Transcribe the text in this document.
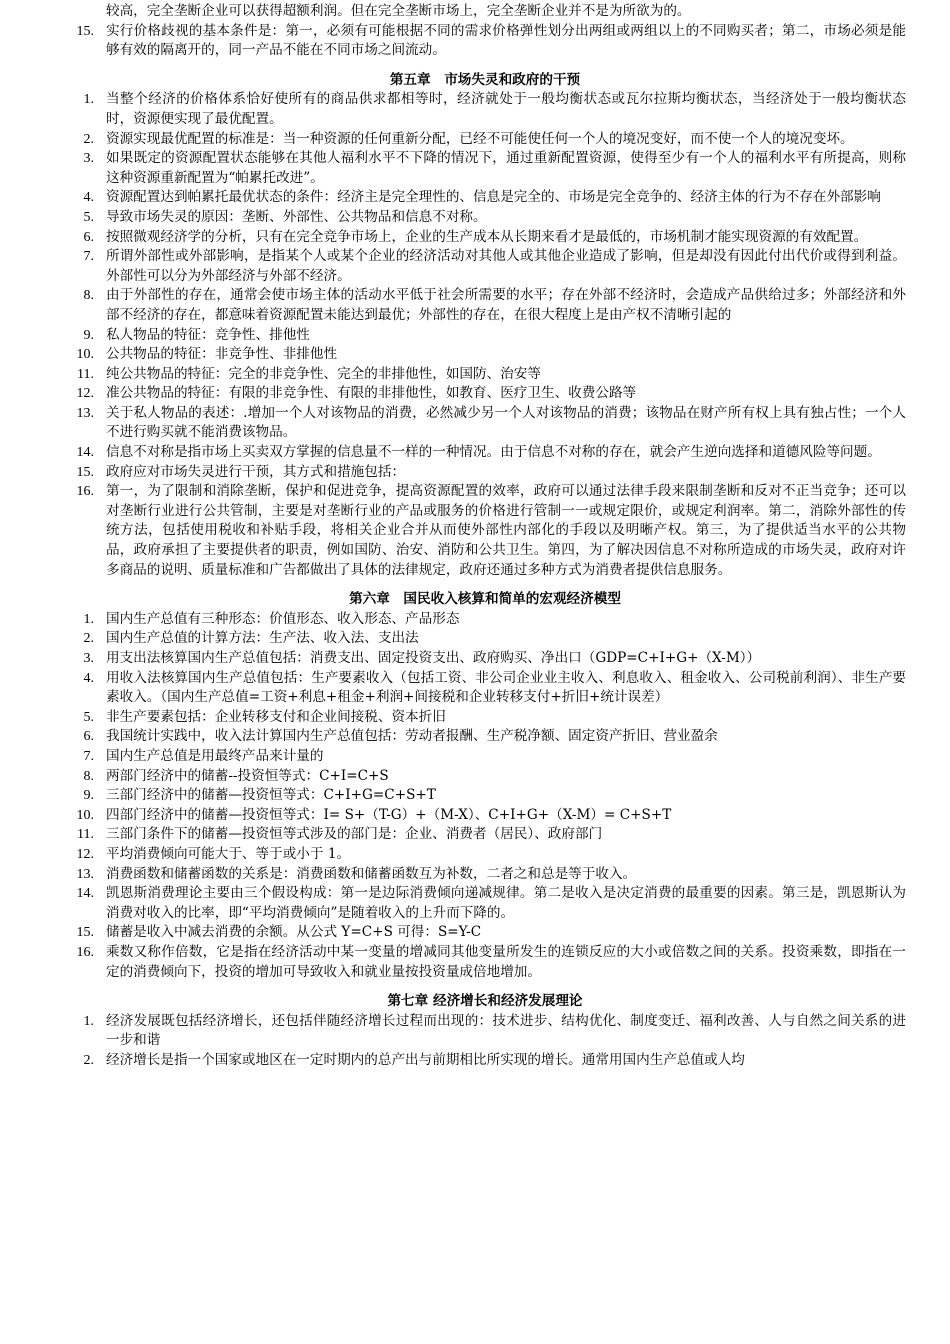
较高，完全垄断企业可以获得超额利润。但在完全垄断市场上，完全垄断企业并不是为所欲为的。
15. 实行价格歧视的基本条件是：第一，必须有可能根据不同的需求价格弹性划分出两组或两组以上的不同购买者；第二，市场必须是能够有效的隔离开的，同一产品不能在不同市场之间流动。
第五章　市场失灵和政府的干预
1. 当整个经济的价格体系恰好使所有的商品供求都相等时，经济就处于一般均衡状态或瓦尔拉斯均衡状态，当经济处于一般均衡状态时，资源便实现了最优配置。
2. 资源实现最优配置的标准是：当一种资源的任何重新分配，已经不可能使任何一个人的境况变好，而不使一个人的境况变坏。
3. 如果既定的资源配置状态能够在其他人福利水平不下降的情况下，通过重新配置资源，使得至少有一个人的福利水平有所提高，则称这种资源重新配置为“帕累托改进”。
4. 资源配置达到帕累托最优状态的条件：经济主是完全理性的、信息是完全的、市场是完全竞争的、经济主体的行为不存在外部影响
5. 导致市场失灵的原因：垄断、外部性、公共物品和信息不对称。
6. 按照微观经济学的分析，只有在完全竞争市场上，企业的生产成本从长期来看才是最低的，市场机制才能实现资源的有效配置。
7. 所谓外部性或外部影响，是指某个人或某个企业的经济活动对其他人或其他企业造成了影响，但是却没有因此付出代价或得到利益。外部性可以分为外部经济与外部不经济。
8. 由于外部性的存在，通常会使市场主体的活动水平低于社会所需要的水平；存在外部不经济时，会造成产品供给过多；外部经济和外部不经济的存在，都意味着资源配置未能达到最优；外部性的存在，在很大程度上是由产权不清晰引起的
9. 私人物品的特征：竞争性、排他性
10. 公共物品的特征：非竞争性、非排他性
11. 纯公共物品的特征：完全的非竞争性、完全的非排他性，如国防、治安等
12. 准公共物品的特征：有限的非竞争性、有限的非排他性，如教育、医疗卫生、收费公路等
13. 关于私人物品的表述：.增加一个人对该物品的消费，必然减少另一个人对该物品的消费；该物品在财产所有权上具有独占性；一个人不进行购买就不能消费该物品。
14. 信息不对称是指市场上买卖双方掌握的信息量不一样的一种情况。由于信息不对称的存在，就会产生逆向选择和道德风险等问题。
15. 政府应对市场失灵进行干预，其方式和措施包括：
16. 第一，为了限制和消除垄断，保护和促进竞争，提高资源配置的效率，政府可以通过法律手段来限制垄断和反对不正当竞争；还可以对垄断行业进行公共管制，主要是对垄断行业的产品或服务的价格进行管制一一或规定限价，或规定利润率。第二，消除外部性的传统方法，包括使用税收和补贴手段，将相关企业合并从而使外部性内部化的手段以及明晰产权。第三，为了提供适当水平的公共物品，政府承担了主要提供者的职责，例如国防、治安、消防和公共卫生。第四，为了解决因信息不对称所造成的市场失灵，政府对许多商品的说明、质量标准和广告都做出了具体的法律规定，政府还通过多种方式为消费者提供信息服务。
第六章　国民收入核算和简单的宏观经济模型
1. 国内生产总值有三种形态：价值形态、收入形态、产品形态
2. 国内生产总值的计算方法：生产法、收入法、支出法
3. 用支出法核算国内生产总值包括：消费支出、固定投资支出、政府购买、净出口（GDP=C+I+G+（X-M））
4. 用收入法核算国内生产总值包括：生产要素收入（包括工资、非公司企业业主收入、利息收入、租金收入、公司税前利润）、非生产要素收入。（国内生产总值=工资+利息+租金+利润+间接税和企业转移支付+折旧+统计误差）
5. 非生产要素包括：企业转移支付和企业间接税、资本折旧
6. 我国统计实践中，收入法计算国内生产总值包括：劳动者报酬、生产税净额、固定资产折旧、营业盈余
7. 国内生产总值是用最终产品来计量的
8. 两部门经济中的储蓄--投资恒等式：C+I=C+S
9. 三部门经济中的储蓄—投资恒等式：C+I+G=C+S+T
10. 四部门经济中的储蓄—投资恒等式：I= S+（T-G）+（M-X）、C+I+G+（X-M）= C+S+T
11. 三部门条件下的储蓄—投资恒等式涉及的部门是：企业、消费者（居民）、政府部门
12. 平均消费倾向可能大于、等于或小于 1。
13. 消费函数和储蓄函数的关系是：消费函数和储蓄函数互为补数，二者之和总是等于收入。
14. 凯恩斯消费理论主要由三个假设构成：第一是边际消费倾向递减规律。第二是收入是决定消费的最重要的因素。第三是，凯恩斯认为消费对收入的比率，即“平均消费倾向”是随着收入的上升而下降的。
15. 储蓄是收入中减去消费的余额。从公式 Y=C+S 可得：S=Y-C
16. 乘数又称作倍数，它是指在经济活动中某一变量的增减同其他变量所发生的连锁反应的大小或倍数之间的关系。投资乘数，即指在一定的消费倾向下，投资的增加可导致收入和就业量按投资量成倍地增加。
第七章 经济增长和经济发展理论
1. 经济发展既包括经济增长，还包括伴随经济增长过程而出现的：技术进步、结构优化、制度变迁、福利改善、人与自然之间关系的进一步和谐
2. 经济增长是指一个国家或地区在一定时期内的总产出与前期相比所实现的增长。通常用国内生产总值或人均
